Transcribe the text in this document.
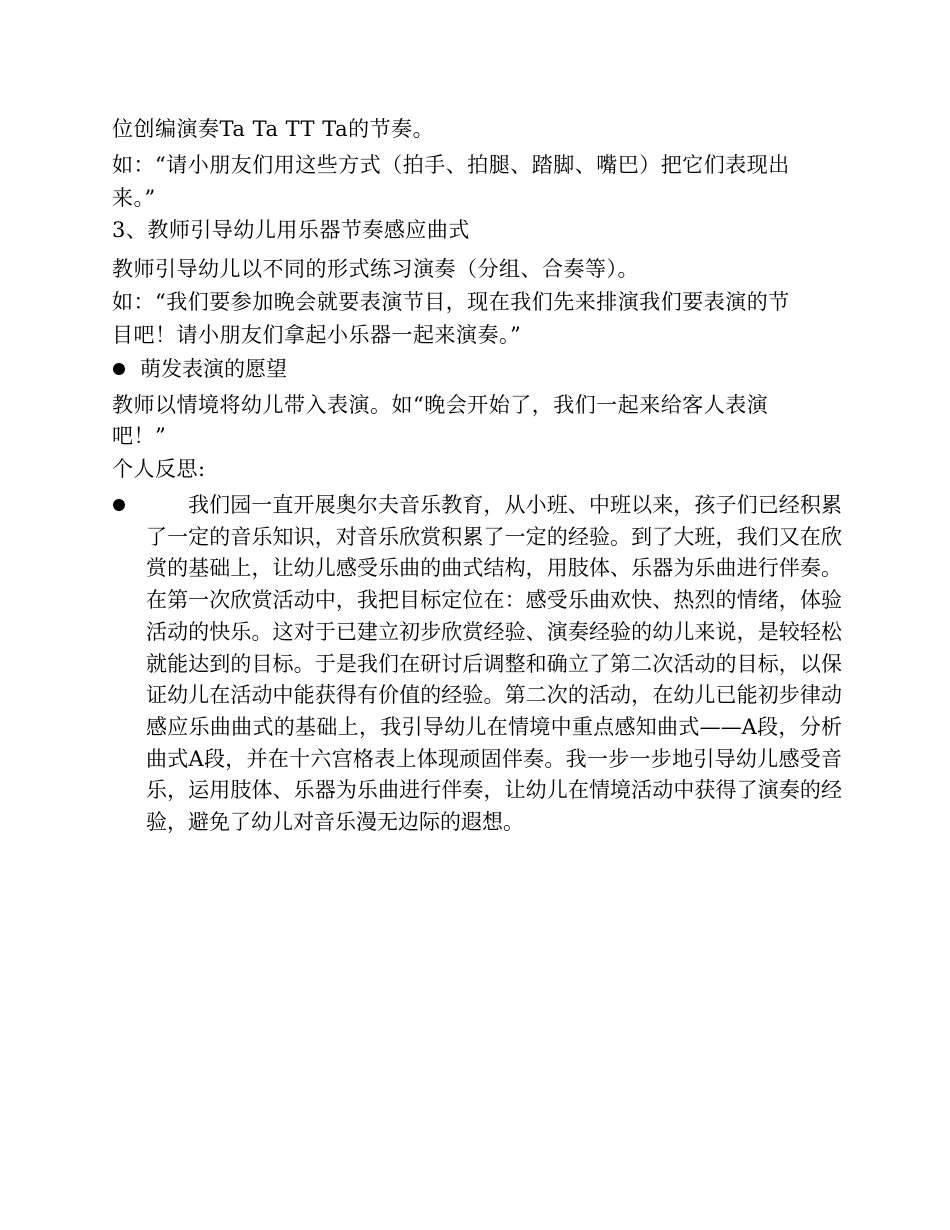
位创编演奏Ta Ta TT Ta的节奏。
如：“请小朋友们用这些方式（拍手、拍腿、踏脚、嘴巴）把它们表现出
来。”
3、教师引导幼儿用乐器节奏感应曲式
教师引导幼儿以不同的形式练习演奏（分组、合奏等）。
如：“我们要参加晚会就要表演节目，现在我们先来排演我们要表演的节
目吧！请小朋友们拿起小乐器一起来演奏。”
萌发表演的愿望
教师以情境将幼儿带入表演。如“晚会开始了，我们一起来给客人表演
吧！”
个人反思:

我们园一直开展奥尔夫音乐教育，从小班、中班以来，孩子们已经积累了一定的音乐知识，对音乐欣赏积累了一定的经验。到了大班，我们又在欣赏的基础上，让幼儿感受乐曲的曲式结构，用肢体、乐器为乐曲进行伴奏。在第一次欣赏活动中，我把目标定位在：感受乐曲欢快、热烈的情绪，体验活动的快乐。这对于已建立初步欣赏经验、演奏经验的幼儿来说，是较轻松就能达到的目标。于是我们在研讨后调整和确立了第二次活动的目标，以保证幼儿在活动中能获得有价值的经验。第二次的活动，在幼儿已能初步律动感应乐曲曲式的基础上，我引导幼儿在情境中重点感知曲式——A段，分析曲式A段，并在十六宫格表上体现顽固伴奏。我一步一步地引导幼儿感受音乐，运用肢体、乐器为乐曲进行伴奏，让幼儿在情境活动中获得了演奏的经验，避免了幼儿对音乐漫无边际的遐想。
